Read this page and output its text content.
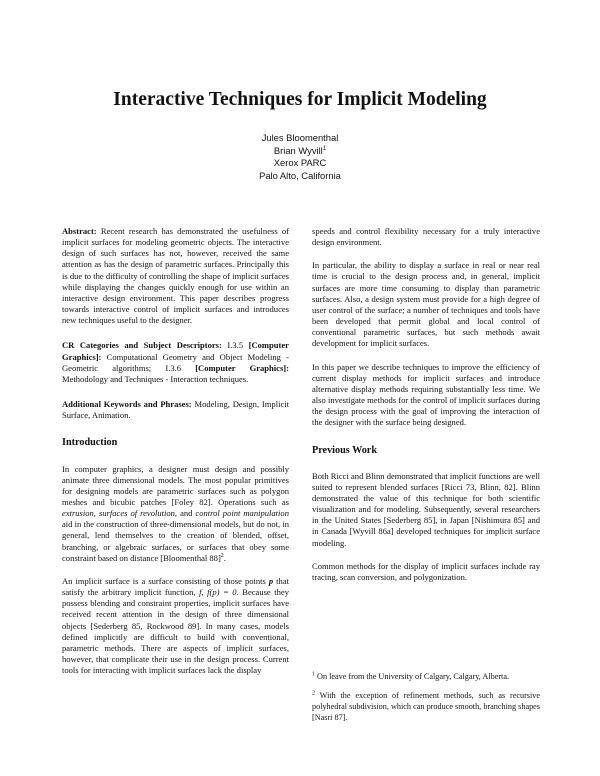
Interactive Techniques for Implicit Modeling
Jules Bloomenthal
Brian Wyvill$^1$
Xerox PARC
Palo Alto, California

Abstract: Recent research has demonstrated the usefulness of implicit surfaces for modeling geometric objects. The interactive design of such surfaces has not, however, received the same attention as has the design of parametric surfaces. Principally this is due to the difficulty of controlling the shape of implicit surfaces while displaying the changes quickly enough for use within an interactive design environment. This paper describes progress towards interactive control of implicit surfaces and introduces new techniques useful to the designer.

CR Categories and Subject Descriptors: I.3.5 [Computer Graphics]: Computational Geometry and Object Modeling - Geometric algorithms; I.3.6 [Computer Graphics]: Methodology and Techniques - Interaction techniques.

Additional Keywords and Phrases: Modeling, Design, Implicit Surface, Animation.

Introduction

In computer graphics, a designer must design and possibly animate three dimensional models. The most popular primitives for designing models are parametric surfaces such as polygon meshes and bicubic patches [Foley 82]. Operations such as extrusion, surfaces of revolution, and control point manipulation aid in the construction of three-dimensional models, but do not, in general, lend themselves to the creation of blended, offset, branching, or algebraic surfaces, or surfaces that obey some constraint based on distance [Bloomenthal 88]$^2$.

An implicit surface is a surface consisting of those points p that satisfy the arbitrary implicit function, f, f(p) = 0. Because they possess blending and constraint properties, implicit surfaces have received recent attention in the design of three dimensional objects [Sederberg 85, Rockwood 89]. In many cases, models defined implicitly are difficult to build with conventional, parametric methods. There are aspects of implicit surfaces, however, that complicate their use in the design process. Current tools for interacting with implicit surfaces lack the display

speeds and control flexibility necessary for a truly interactive design environment.

In particular, the ability to display a surface in real or near real time is crucial to the design process and, in general, implicit surfaces are more time consuming to display than parametric surfaces. Also, a design system must provide for a high degree of user control of the surface; a number of techniques and tools have been developed that permit global and local control of conventional parametric surfaces, but such methods await development for implicit surfaces.

In this paper we describe techniques to improve the efficiency of current display methods for implicit surfaces and introduce alternative display methods requiring substantially less time. We also investigate methods for the control of implicit surfaces during the design process with the goal of improving the interaction of the designer with the surface being designed.

Previous Work

Both Ricci and Blinn demonstrated that implicit functions are well suited to represent blended surfaces [Ricci 73, Blinn, 82]. Blinn demonstrated the value of this technique for both scientific visualization and for modeling. Subsequently, several researchers in the United States [Sederberg 85], in Japan [Nishimura 85] and in Canada [Wyvill 86a] developed techniques for implicit surface modeling.

Common methods for the display of implicit surfaces include ray tracing, scan conversion, and polygonization.

$^1$ On leave from the University of Calgary, Calgary, Alberta.

$^2$ With the exception of refinement methods, such as recursive polyhedral subdivision, which can produce smooth, branching shapes [Nasri 87].
